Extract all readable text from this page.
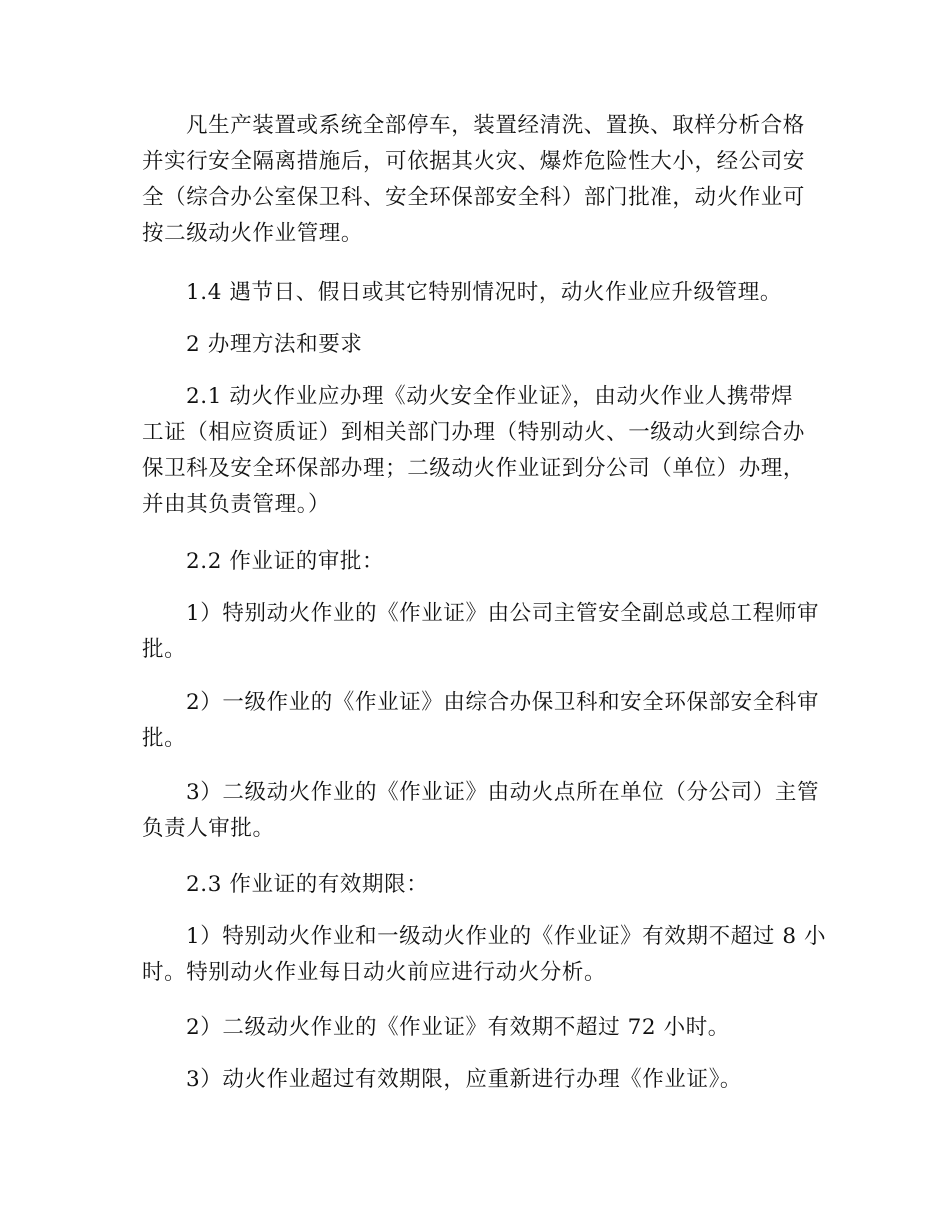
凡生产装置或系统全部停车，装置经清洗、置换、取样分析合格
并实行安全隔离措施后，可依据其火灾、爆炸危险性大小，经公司安
全（综合办公室保卫科、安全环保部安全科）部门批准，动火作业可
按二级动火作业管理。
1.4 遇节日、假日或其它特别情况时，动火作业应升级管理。
2 办理方法和要求
2.1 动火作业应办理《动火安全作业证》，由动火作业人携带焊
工证（相应资质证）到相关部门办理（特别动火、一级动火到综合办
保卫科及安全环保部办理；二级动火作业证到分公司（单位）办理，
并由其负责管理。）
2.2 作业证的审批：
1）特别动火作业的《作业证》由公司主管安全副总或总工程师审
批。
2）一级作业的《作业证》由综合办保卫科和安全环保部安全科审
批。
3）二级动火作业的《作业证》由动火点所在单位（分公司）主管
负责人审批。
2.3 作业证的有效期限：
1）特别动火作业和一级动火作业的《作业证》有效期不超过 8 小
时。特别动火作业每日动火前应进行动火分析。
2）二级动火作业的《作业证》有效期不超过 72 小时。
3）动火作业超过有效期限，应重新进行办理《作业证》。
